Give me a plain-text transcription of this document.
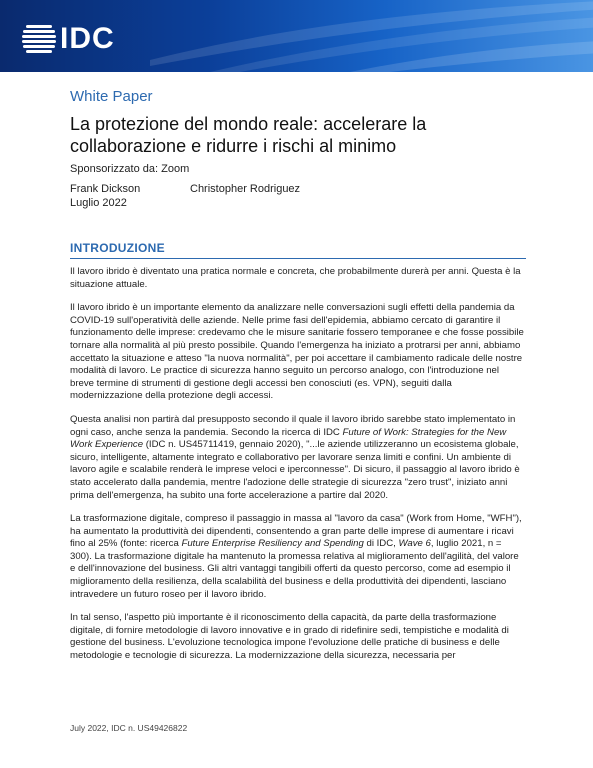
IDC
White Paper
La protezione del mondo reale: accelerare la collaborazione e ridurre i rischi al minimo
Sponsorizzato da: Zoom
Frank Dickson	Christopher Rodriguez
Luglio 2022
INTRODUZIONE

Il lavoro ibrido è diventato una pratica normale e concreta, che probabilmente durerà per anni. Questa è la situazione attuale.

Il lavoro ibrido è un importante elemento da analizzare nelle conversazioni sugli effetti della pandemia da COVID-19 sull'operatività delle aziende. Nelle prime fasi dell'epidemia, abbiamo cercato di garantire il funzionamento delle imprese: credevamo che le misure sanitarie fossero temporanee e che fosse possibile tornare alla normalità al più presto possibile. Quando l'emergenza ha iniziato a protrarsi per anni, abbiamo accettato la situazione e atteso "la nuova normalità", per poi accettare il cambiamento radicale delle nostre modalità di lavoro. Le practice di sicurezza hanno seguito un percorso analogo, con l'introduzione nel breve termine di strumenti di gestione degli accessi ben conosciuti (es. VPN), seguiti dalla modernizzazione della protezione degli accessi.

Questa analisi non partirà dal presupposto secondo il quale il lavoro ibrido sarebbe stato implementato in ogni caso, anche senza la pandemia. Secondo la ricerca di IDC Future of Work: Strategies for the New Work Experience (IDC n. US45711419, gennaio 2020), "...le aziende utilizzeranno un ecosistema globale, sicuro, intelligente, altamente integrato e collaborativo per lavorare senza limiti e confini. Un ambiente di lavoro agile e scalabile renderà le imprese veloci e iperconnesse". Di sicuro, il passaggio al lavoro ibrido è stato accelerato dalla pandemia, mentre l'adozione delle strategie di sicurezza "zero trust", iniziato anni prima dell'emergenza, ha subito una forte accelerazione a partire dal 2020.

La trasformazione digitale, compreso il passaggio in massa al "lavoro da casa" (Work from Home, "WFH"), ha aumentato la produttività dei dipendenti, consentendo a gran parte delle imprese di aumentare i ricavi fino al 25% (fonte: ricerca Future Enterprise Resiliency and Spending di IDC, Wave 6, luglio 2021, n = 300). La trasformazione digitale ha mantenuto la promessa relativa al miglioramento dell'agilità, del valore e dell'innovazione del business. Gli altri vantaggi tangibili offerti da questo percorso, come ad esempio il miglioramento della resilienza, della scalabilità del business e della produttività dei dipendenti, lasciano intravedere un futuro roseo per il lavoro ibrido.

In tal senso, l'aspetto più importante è il riconoscimento della capacità, da parte della trasformazione digitale, di fornire metodologie di lavoro innovative e in grado di ridefinire sedi, tempistiche e modalità di gestione del business. L'evoluzione tecnologica impone l'evoluzione delle pratiche di business e delle metodologie e tecnologie di sicurezza. La modernizzazione della sicurezza, necessaria per

July 2022, IDC n. US49426822
